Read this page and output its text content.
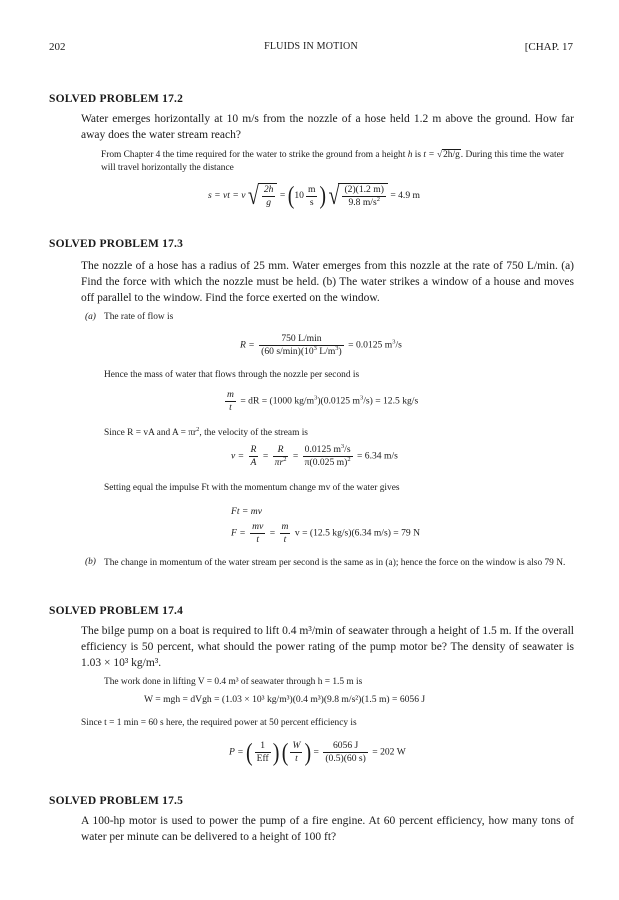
202	FLUIDS IN MOTION	[CHAP. 17
SOLVED PROBLEM 17.2

Water emerges horizontally at 10 m/s from the nozzle of a hose held 1.2 m above the ground. How far away does the water stream reach?

From Chapter 4 the time required for the water to strike the ground from a height h is t = √2h/g. During this time the water will travel horizontally the distance

s = vt = v √ $\frac{2h}{g} = (10 \frac{m}{s}$ ) √ $\frac{(2)(1.2 m)}{9.8 m/s^2} = 4.9$ m
SOLVED PROBLEM 17.3

The nozzle of a hose has a radius of 25 mm. Water emerges from this nozzle at the rate of 750 L/min. (a) Find the force with which the nozzle must be held. (b) The water strikes a window of a house and moves off parallel to the window. Find the force exerted on the window.

(a) The rate of flow is
$R = \frac{750 L/\min}{(60 s/\min)(10^3 L/m^3)} = 0.0125$ $m^3/s$
Hence the mass of water that flows through the nozzle per second is
$\frac{m}{t}$ = dR = (1000 $kg/m^3)(0.0125$ $m^3/s) = 12.5$ kg/s
Since R = vA and $A = \pi r^2$, the velocity of the stream is
$v = \frac{R}{A} = \frac{R}{\pi r^2} = \frac{0.0125 m^3/s}{\pi(0.025 m)^2} = 6.34$ m/s
Setting equal the impulse Ft with the momentum change mv of the water gives
Ft = mv
$F = \frac{mv}{t} = \frac{m}{t}$ v = (12.5 kg/s)(6.34 m/s) = 79 N
(b) The change in momentum of the water stream per second is the same as in (a); hence the force on the window is also 79 N.

SOLVED PROBLEM 17.4

The bilge pump on a boat is required to lift 0.4 m³/min of seawater through a height of 1.5 m. If the overall efficiency is 50 percent, what should the power rating of the pump motor be? The density of seawater is 1.03 × 10³ kg/m³.

The work done in lifting V = 0.4 m³ of seawater through h = 1.5 m is
W = mgh = dVgh = (1.03 × 10³ kg/m³)(0.4 m³)(9.8 m/s²)(1.5 m) = 6056 J
Since t = 1 min = 60 s here, the required power at 50 percent efficiency is
P = ( $\frac{1}{\text{Eff}}$ ) ( $\frac{W}{t}$ ) = $\frac{6056 J}{(0.5)(60 s)} = 202$ W
SOLVED PROBLEM 17.5

A 100-hp motor is used to power the pump of a fire engine. At 60 percent efficiency, how many tons of water per minute can be delivered to a height of 100 ft?
